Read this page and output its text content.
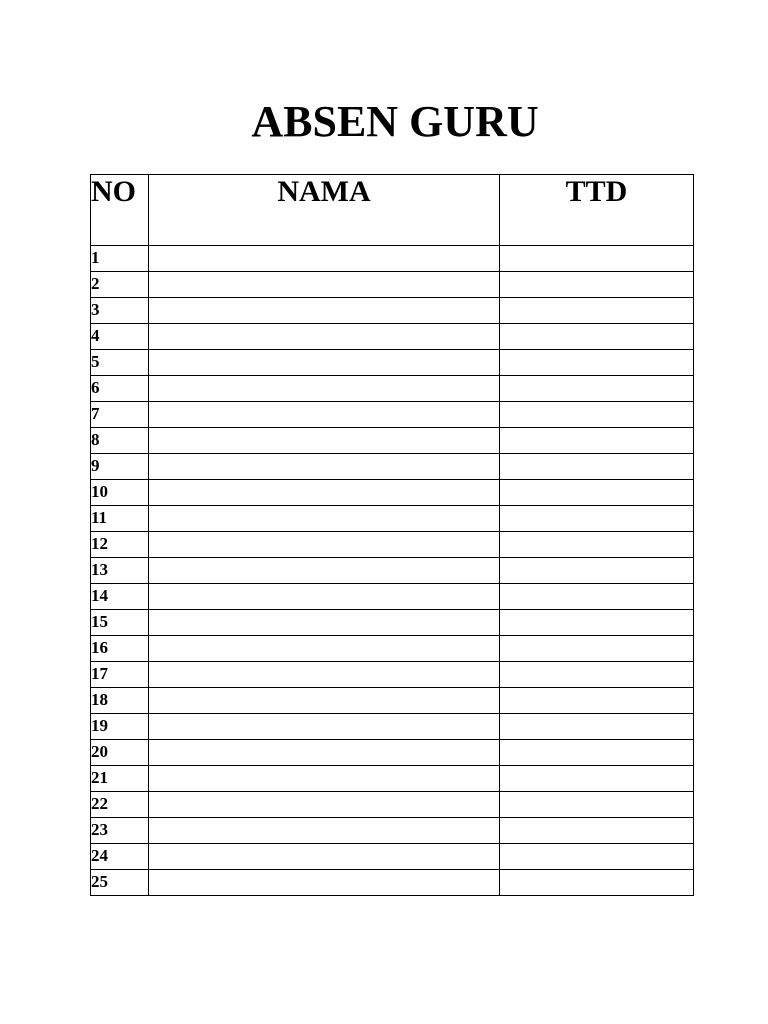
ABSEN GURU
NO	NAMA	TTD
1		
2		
3		
4		
5		
6		
7		
8		
9		
10		
11		
12		
13		
14		
15		
16		
17		
18		
19		
20		
21		
22		
23		
24		
25		
